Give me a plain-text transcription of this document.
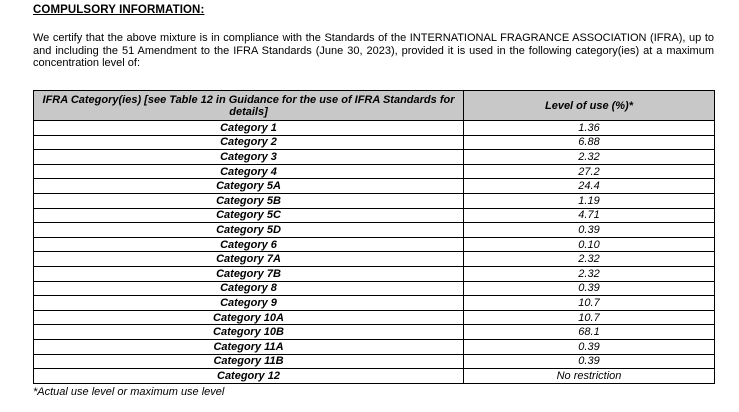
COMPULSORY INFORMATION:
We certify that the above mixture is in compliance with the Standards of the INTERNATIONAL FRAGRANCE ASSOCIATION (IFRA), up to and including the 51 Amendment to the IFRA Standards (June 30, 2023), provided it is used in the following category(ies) at a maximum concentration level of:
IFRA Category(ies) [see Table 12 in Guidance for the use of IFRA Standards for details]	Level of use (%)*
Category 1	1.36
Category 2	6.88
Category 3	2.32
Category 4	27.2
Category 5A	24.4
Category 5B	1.19
Category 5C	4.71
Category 5D	0.39
Category 6	0.10
Category 7A	2.32
Category 7B	2.32
Category 8	0.39
Category 9	10.7
Category 10A	10.7
Category 10B	68.1
Category 11A	0.39
Category 11B	0.39
Category 12	No restriction
*Actual use level or maximum use level
